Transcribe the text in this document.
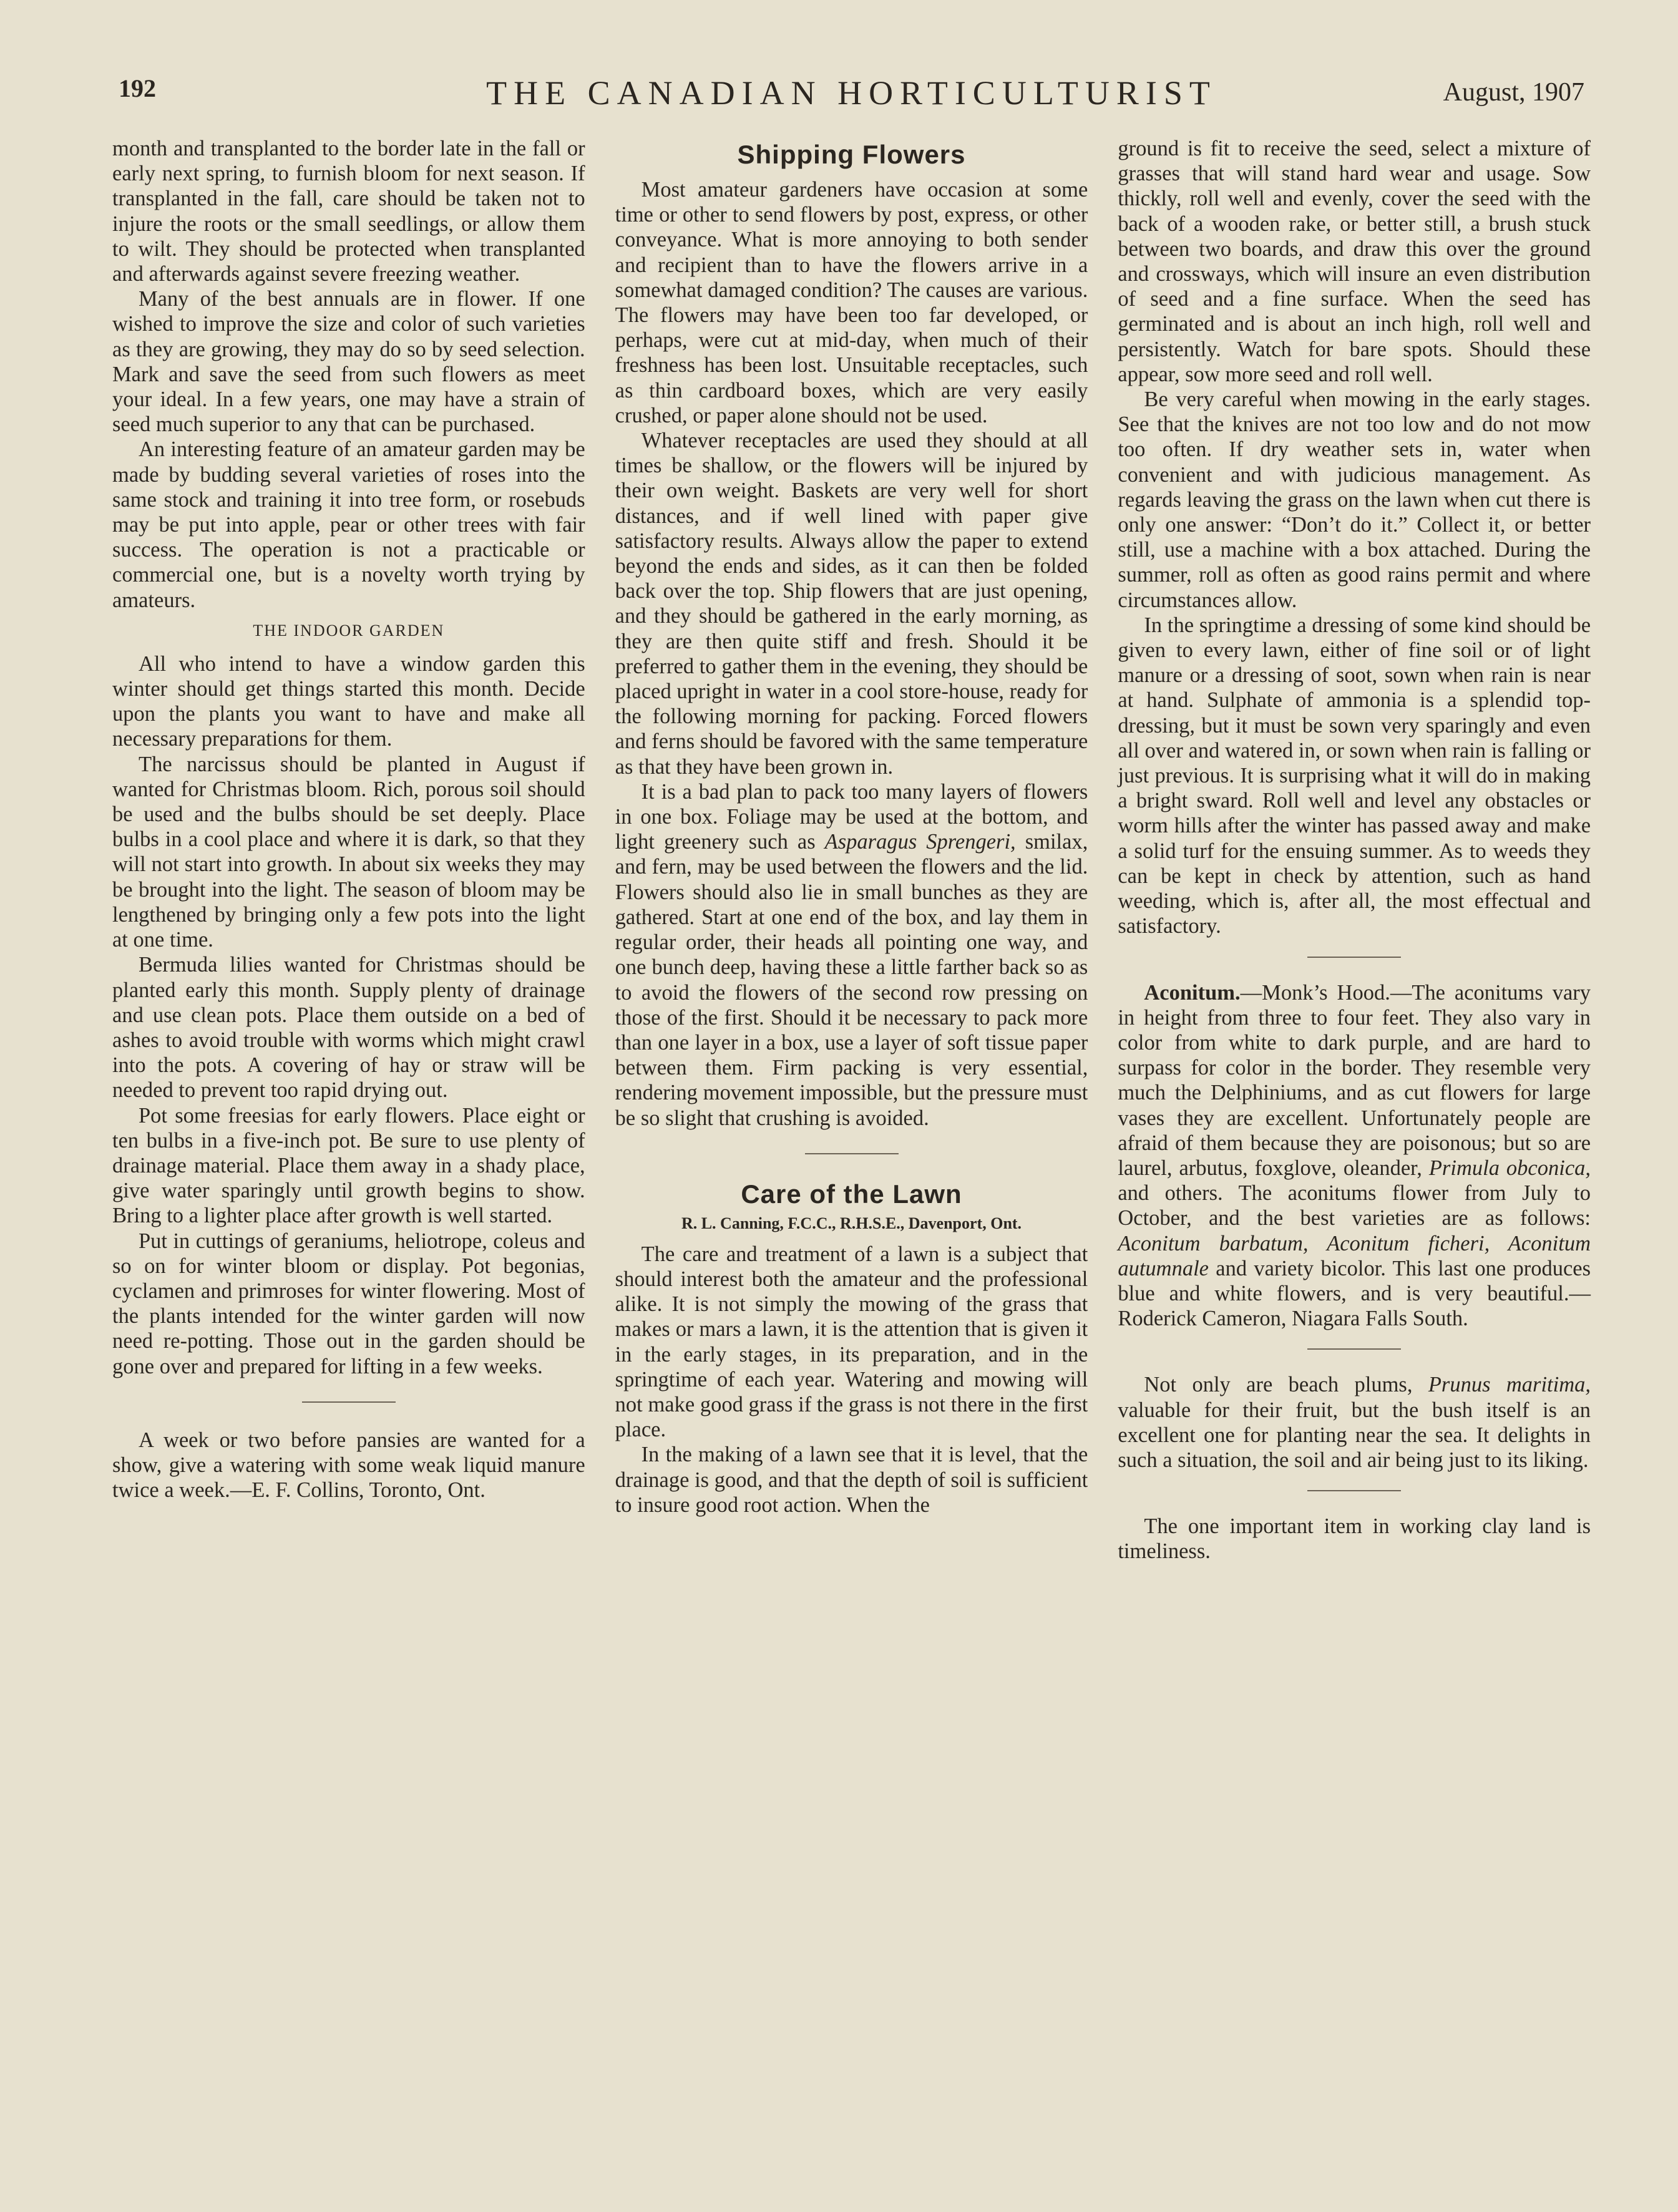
192	THE CANADIAN HORTICULTURIST	August, 1907

month and transplanted to the border late in the fall or early next spring, to furnish bloom for next season. If transplanted in the fall, care should be taken not to injure the roots or the small seedlings, or allow them to wilt. They should be protected when transplanted and afterwards against severe freezing weather.

Many of the best annuals are in flower. If one wished to improve the size and color of such varieties as they are growing, they may do so by seed selection. Mark and save the seed from such flowers as meet your ideal. In a few years, one may have a strain of seed much superior to any that can be purchased.

An interesting feature of an amateur garden may be made by budding several varieties of roses into the same stock and training it into tree form, or rosebuds may be put into apple, pear or other trees with fair success. The operation is not a practicable or commercial one, but is a novelty worth trying by amateurs.

THE INDOOR GARDEN

All who intend to have a window garden this winter should get things started this month. Decide upon the plants you want to have and make all necessary preparations for them.

The narcissus should be planted in August if wanted for Christmas bloom. Rich, porous soil should be used and the bulbs should be set deeply. Place bulbs in a cool place and where it is dark, so that they will not start into growth. In about six weeks they may be brought into the light. The season of bloom may be lengthened by bringing only a few pots into the light at one time.

Bermuda lilies wanted for Christmas should be planted early this month. Supply plenty of drainage and use clean pots. Place them outside on a bed of ashes to avoid trouble with worms which might crawl into the pots. A covering of hay or straw will be needed to prevent too rapid drying out.

Pot some freesias for early flowers. Place eight or ten bulbs in a five-inch pot. Be sure to use plenty of drainage material. Place them away in a shady place, give water sparingly until growth begins to show. Bring to a lighter place after growth is well started.

Put in cuttings of geraniums, heliotrope, coleus and so on for winter bloom or display. Pot begonias, cyclamen and primroses for winter flowering. Most of the plants intended for the winter garden will now need re-potting. Those out in the garden should be gone over and prepared for lifting in a few weeks.

A week or two before pansies are wanted for a show, give a watering with some weak liquid manure twice a week.—E. F. Collins, Toronto, Ont.

Shipping Flowers

Most amateur gardeners have occasion at some time or other to send flowers by post, express, or other conveyance. What is more annoying to both sender and recipient than to have the flowers arrive in a somewhat damaged condition? The causes are various. The flowers may have been too far developed, or perhaps, were cut at mid-day, when much of their freshness has been lost. Unsuitable receptacles, such as thin cardboard boxes, which are very easily crushed, or paper alone should not be used.

Whatever receptacles are used they should at all times be shallow, or the flowers will be injured by their own weight. Baskets are very well for short distances, and if well lined with paper give satisfactory results. Always allow the paper to extend beyond the ends and sides, as it can then be folded back over the top. Ship flowers that are just opening, and they should be gathered in the early morning, as they are then quite stiff and fresh. Should it be preferred to gather them in the evening, they should be placed upright in water in a cool store-house, ready for the following morning for packing. Forced flowers and ferns should be favored with the same temperature as that they have been grown in.

It is a bad plan to pack too many layers of flowers in one box. Foliage may be used at the bottom, and light greenery such as Asparagus Sprengeri, smilax, and fern, may be used between the flowers and the lid. Flowers should also lie in small bunches as they are gathered. Start at one end of the box, and lay them in regular order, their heads all pointing one way, and one bunch deep, having these a little farther back so as to avoid the flowers of the second row pressing on those of the first. Should it be necessary to pack more than one layer in a box, use a layer of soft tissue paper between them. Firm packing is very essential, rendering movement impossible, but the pressure must be so slight that crushing is avoided.

Care of the Lawn
R. L. Canning, F.C.C., R.H.S.E., Davenport, Ont.

The care and treatment of a lawn is a subject that should interest both the amateur and the professional alike. It is not simply the mowing of the grass that makes or mars a lawn, it is the attention that is given it in the early stages, in its preparation, and in the springtime of each year. Watering and mowing will not make good grass if the grass is not there in the first place.

In the making of a lawn see that it is level, that the drainage is good, and that the depth of soil is sufficient to insure good root action. When the

ground is fit to receive the seed, select a mixture of grasses that will stand hard wear and usage. Sow thickly, roll well and evenly, cover the seed with the back of a wooden rake, or better still, a brush stuck between two boards, and draw this over the ground and crossways, which will insure an even distribution of seed and a fine surface. When the seed has germinated and is about an inch high, roll well and persistently. Watch for bare spots. Should these appear, sow more seed and roll well.

Be very careful when mowing in the early stages. See that the knives are not too low and do not mow too often. If dry weather sets in, water when convenient and with judicious management. As regards leaving the grass on the lawn when cut there is only one answer: “Don’t do it.” Collect it, or better still, use a machine with a box attached. During the summer, roll as often as good rains permit and where circumstances allow.

In the springtime a dressing of some kind should be given to every lawn, either of fine soil or of light manure or a dressing of soot, sown when rain is near at hand. Sulphate of ammonia is a splendid top-dressing, but it must be sown very sparingly and even all over and watered in, or sown when rain is falling or just previous. It is surprising what it will do in making a bright sward. Roll well and level any obstacles or worm hills after the winter has passed away and make a solid turf for the ensuing summer. As to weeds they can be kept in check by attention, such as hand weeding, which is, after all, the most effectual and satisfactory.

Aconitum.—Monk’s Hood.—The aconitums vary in height from three to four feet. They also vary in color from white to dark purple, and are hard to surpass for color in the border. They resemble very much the Delphiniums, and as cut flowers for large vases they are excellent. Unfortunately people are afraid of them because they are poisonous; but so are laurel, arbutus, foxglove, oleander, Primula obconica, and others. The aconitums flower from July to October, and the best varieties are as follows: Aconitum barbatum, Aconitum ficheri, Aconitum autumnale and variety bicolor. This last one produces blue and white flowers, and is very beautiful.—Roderick Cameron, Niagara Falls South.

Not only are beach plums, Prunus maritima, valuable for their fruit, but the bush itself is an excellent one for planting near the sea. It delights in such a situation, the soil and air being just to its liking.

The one important item in working clay land is timeliness.
